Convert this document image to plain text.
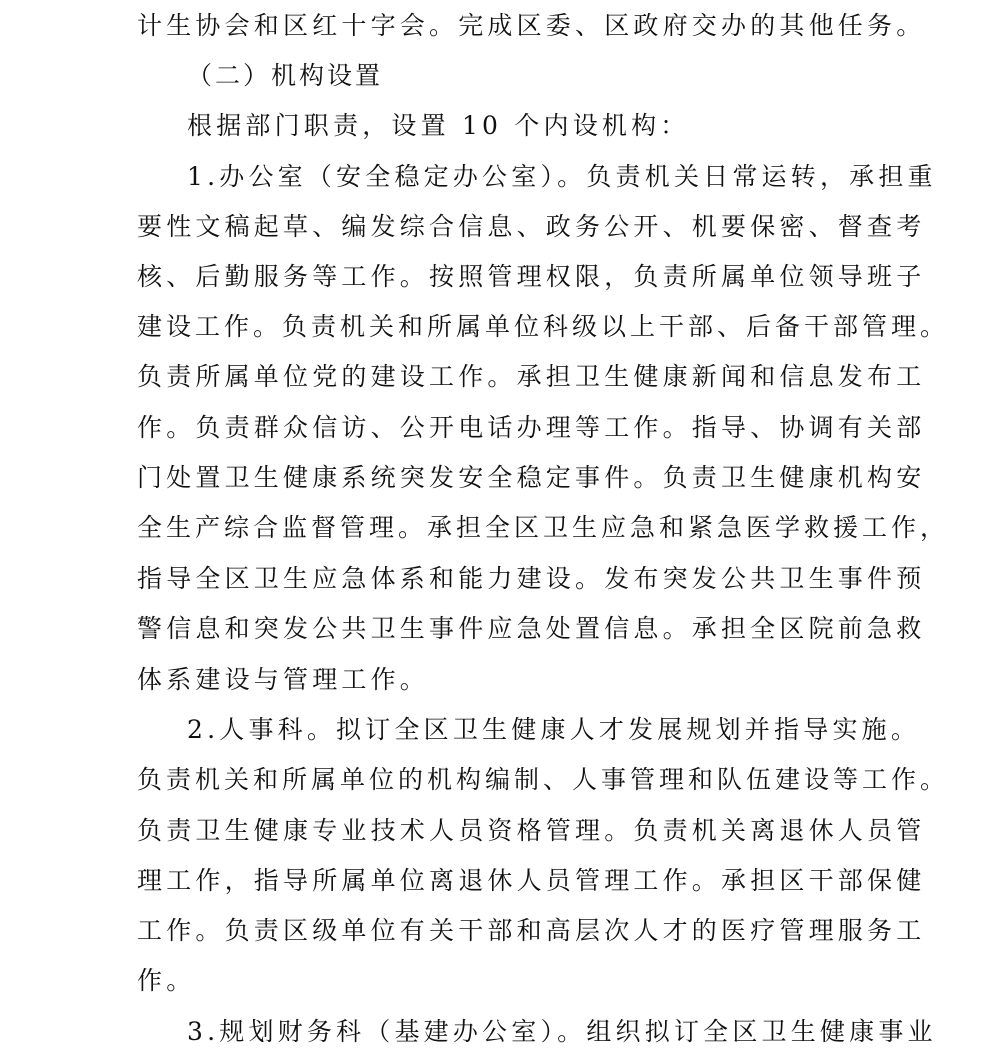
计生协会和区红十字会。完成区委、区政府交办的其他任务。
（二）机构设置
根据部门职责，设置 10 个内设机构：
1.办公室（安全稳定办公室）。负责机关日常运转，承担重
要性文稿起草、编发综合信息、政务公开、机要保密、督查考
核、后勤服务等工作。按照管理权限，负责所属单位领导班子
建设工作。负责机关和所属单位科级以上干部、后备干部管理。
负责所属单位党的建设工作。承担卫生健康新闻和信息发布工
作。负责群众信访、公开电话办理等工作。指导、协调有关部
门处置卫生健康系统突发安全稳定事件。负责卫生健康机构安
全生产综合监督管理。承担全区卫生应急和紧急医学救援工作，
指导全区卫生应急体系和能力建设。发布突发公共卫生事件预
警信息和突发公共卫生事件应急处置信息。承担全区院前急救
体系建设与管理工作。
2.人事科。拟订全区卫生健康人才发展规划并指导实施。
负责机关和所属单位的机构编制、人事管理和队伍建设等工作。
负责卫生健康专业技术人员资格管理。负责机关离退休人员管
理工作，指导所属单位离退休人员管理工作。承担区干部保健
工作。负责区级单位有关干部和高层次人才的医疗管理服务工
作。
3.规划财务科（基建办公室）。组织拟订全区卫生健康事业
